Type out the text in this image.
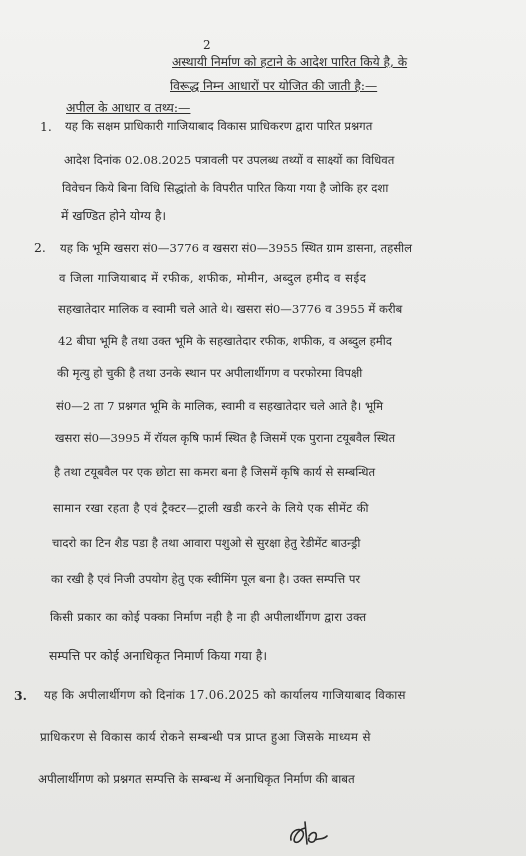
2
अस्थायी निर्माण को हटाने के आदेश पारित किये है, के
विरूद्ध निम्न आधारों पर योजित की जाती है:—
अपील के आधार व तथ्य:—
1. यह कि सक्षम प्राधिकारी गाजियाबाद विकास प्राधिकरण द्वारा पारित प्रश्नगत
आदेश दिनांक 02.08.2025 पत्रावली पर उपलब्ध तथ्यों व साक्ष्यों का विधिवत
विवेचन किये बिना विधि सिद्धांतो के विपरीत पारित किया गया है जोकि हर दशा
में खण्डित होने योग्य है।
2. यह कि भूमि खसरा सं0—3776 व खसरा सं0—3955 स्थित ग्राम डासना, तहसील
व जिला गाजियाबाद में रफीक, शफीक, मोमीन, अब्दुल हमीद व सईद
सहखातेदार मालिक व स्वामी चले आते थे। खसरा सं0—3776 व 3955 में करीब
42 बीघा भूमि है तथा उक्त भूमि के सहखातेदार रफीक, शफीक, व अब्दुल हमीद
की मृत्यु हो चुकी है तथा उनके स्थान पर अपीलार्थीगण व परफोरमा विपक्षी
सं0—2 ता 7 प्रश्नगत भूमि के मालिक, स्वामी व सहखातेदार चले आते है। भूमि
खसरा सं0—3995 में रॉयल कृषि फार्म स्थित है जिसमें एक पुराना टयूबवैल स्थित
है तथा टयूबवैल पर एक छोटा सा कमरा बना है जिसमें कृषि कार्य से सम्बन्धित
सामान रखा रहता है एवं ट्रैक्टर—ट्राली खडी करने के लिये एक सीमेंट की
चादरो का टिन शैड पडा है तथा आवारा पशुओ से सुरक्षा हेतु रेडीमेंट बाउन्ड्री
का रखी है एवं निजी उपयोग हेतु एक स्वीमिंग पूल बना है। उक्त सम्पत्ति पर
किसी प्रकार का कोई पक्का निर्माण नही है ना ही अपीलार्थीगण द्वारा उक्त
सम्पत्ति पर कोई अनाधिकृत निमार्ण किया गया है।
3. यह कि अपीलार्थीगण को दिनांक 17.06.2025 को कार्यालय गाजियाबाद विकास
प्राधिकरण से विकास कार्य रोकने सम्बन्धी पत्र प्राप्त हुआ जिसके माध्यम से
अपीलार्थीगण को प्रश्नगत सम्पत्ति के सम्बन्ध में अनाधिकृत निर्माण की बाबत
